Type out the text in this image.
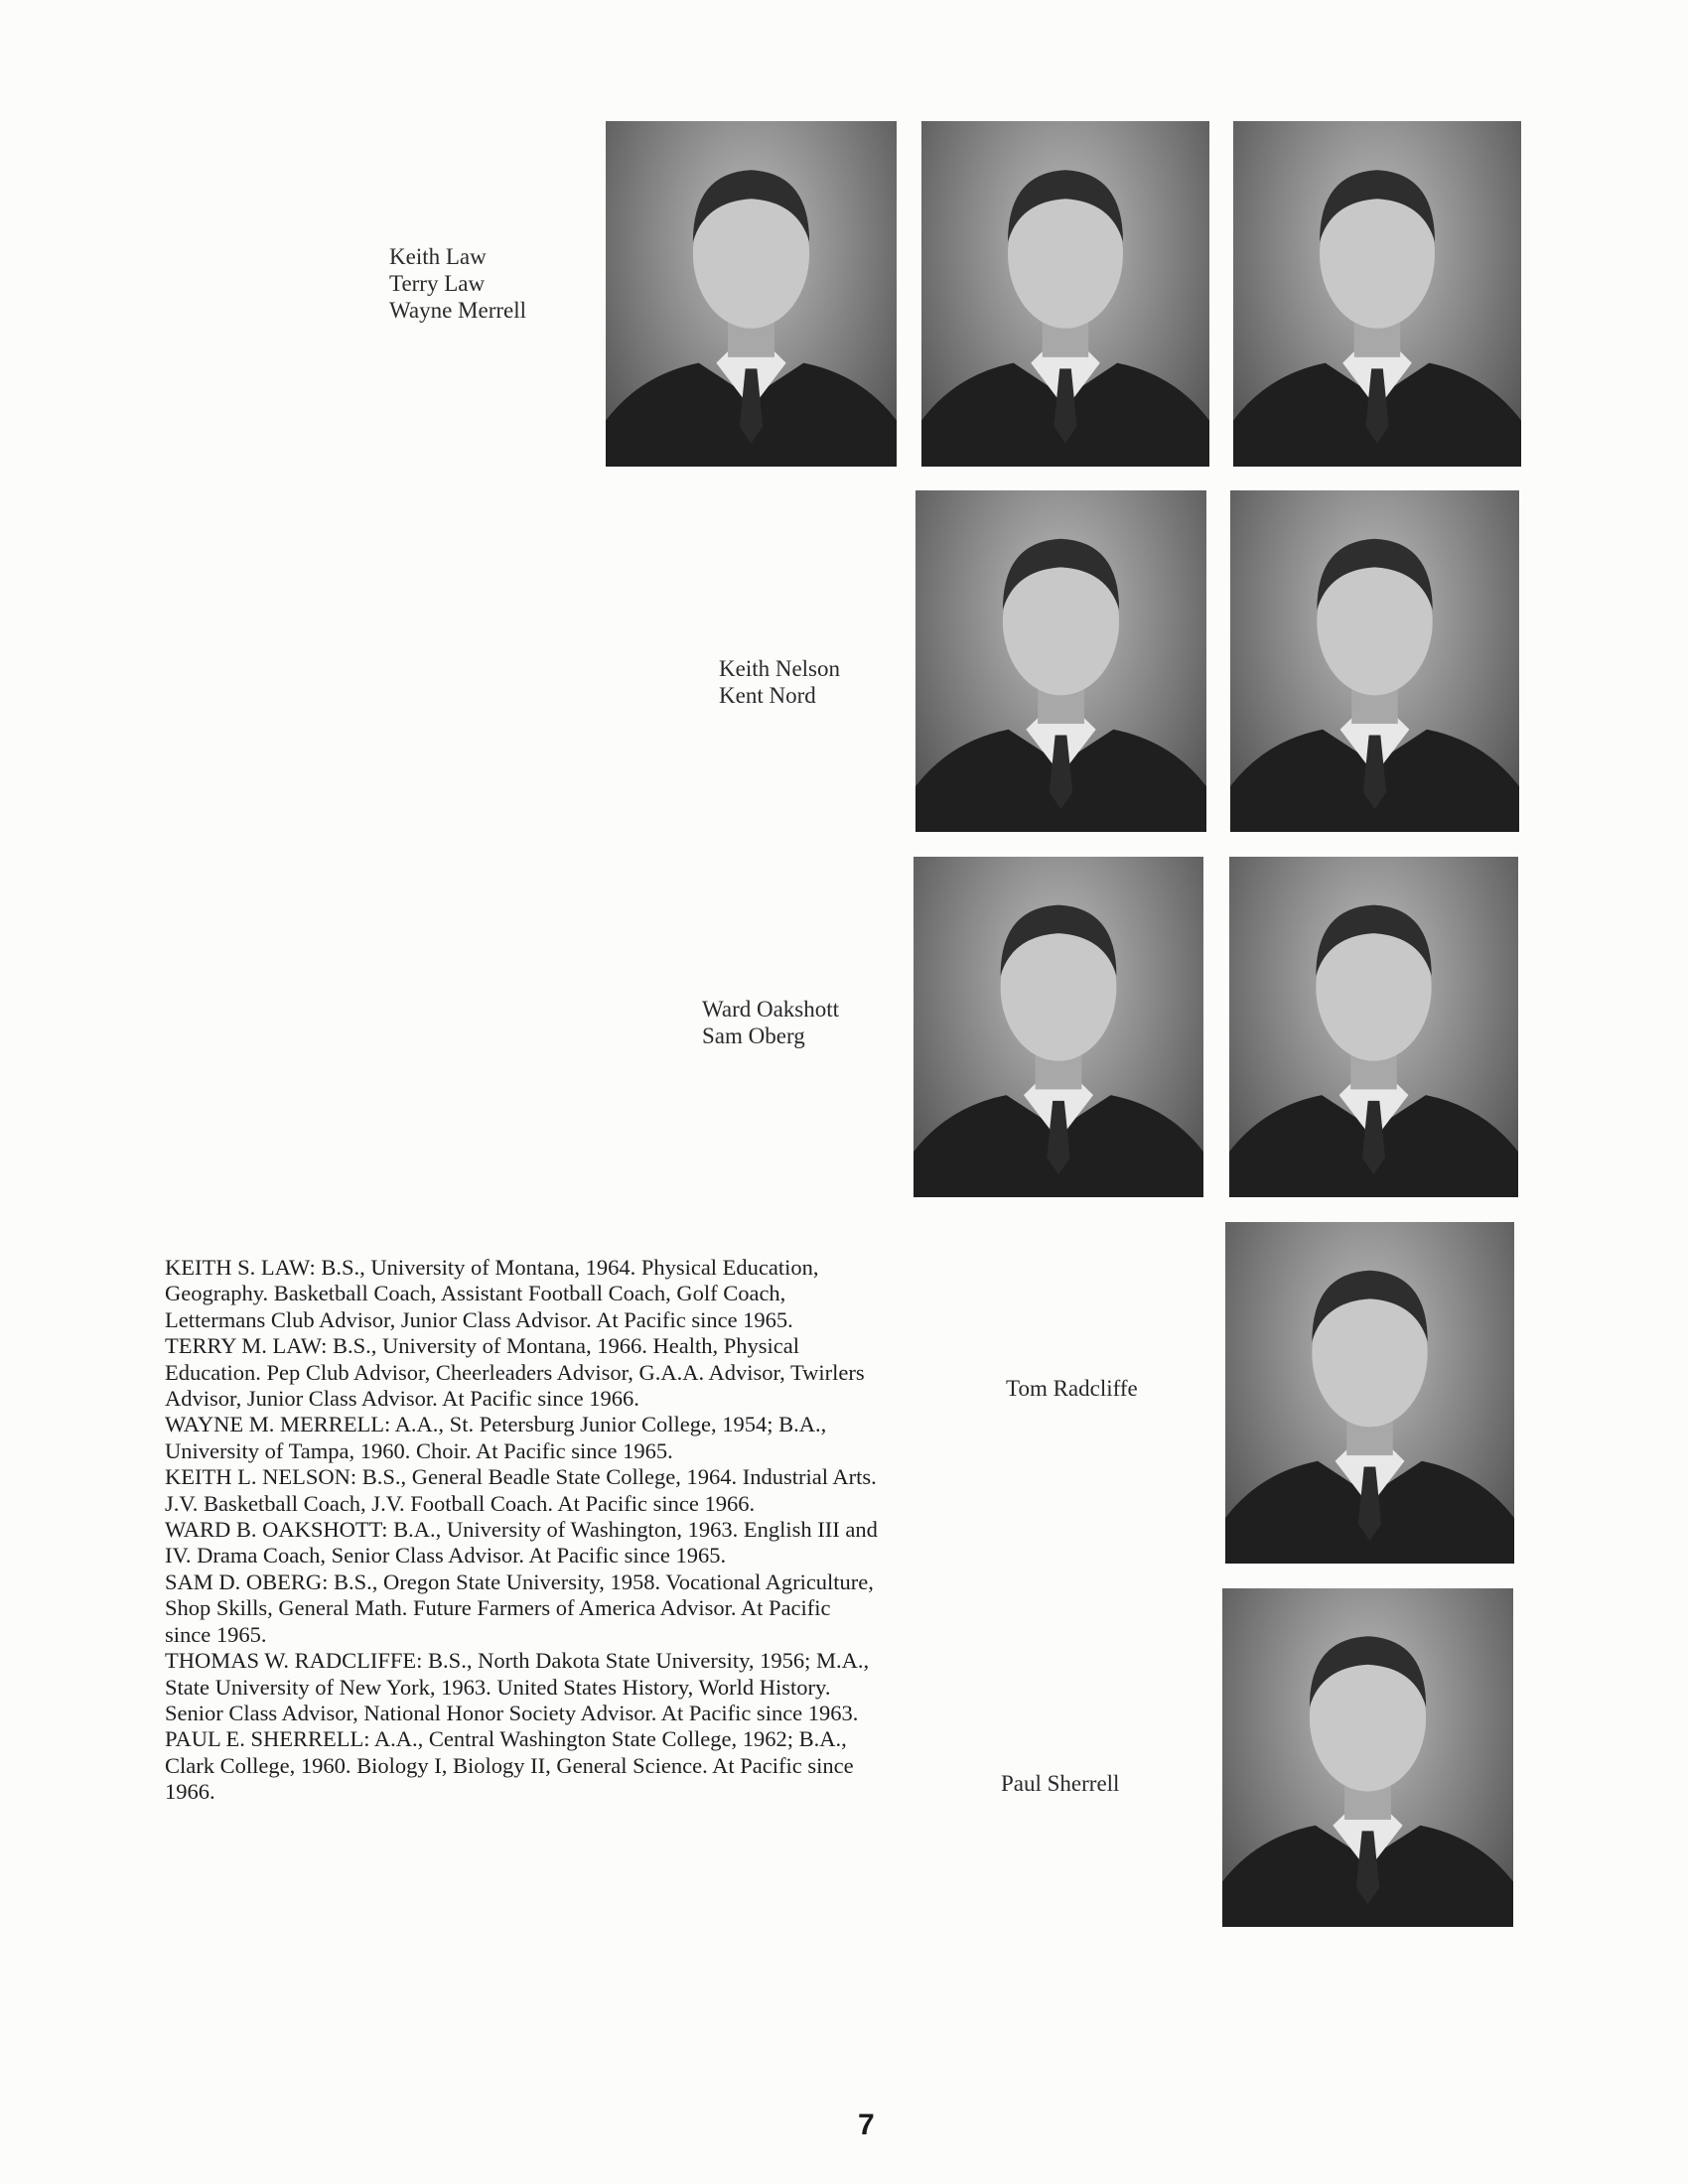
Keith Law
Terry Law
Wayne Merrell
Keith Nelson
Kent Nord
Ward Oakshott
Sam Oberg
Tom Radcliffe
Paul Sherrell

KEITH S. LAW: B.S., University of Montana, 1964. Physical Education, Geography. Basketball Coach, Assistant Football Coach, Golf Coach, Lettermans Club Advisor, Junior Class Advisor. At Pacific since 1965.

TERRY M. LAW: B.S., University of Montana, 1966. Health, Physical Education. Pep Club Advisor, Cheerleaders Advisor, G.A.A. Advisor, Twirlers Advisor, Junior Class Advisor. At Pacific since 1966.

WAYNE M. MERRELL: A.A., St. Petersburg Junior College, 1954; B.A., University of Tampa, 1960. Choir. At Pacific since 1965.

KEITH L. NELSON: B.S., General Beadle State College, 1964. Industrial Arts. J.V. Basketball Coach, J.V. Football Coach. At Pacific since 1966.

WARD B. OAKSHOTT: B.A., University of Washington, 1963. English III and IV. Drama Coach, Senior Class Advisor. At Pacific since 1965.

SAM D. OBERG: B.S., Oregon State University, 1958. Vocational Agriculture, Shop Skills, General Math. Future Farmers of America Advisor. At Pacific since 1965.

THOMAS W. RADCLIFFE: B.S., North Dakota State University, 1956; M.A., State University of New York, 1963. United States History, World History. Senior Class Advisor, National Honor Society Advisor. At Pacific since 1963.

PAUL E. SHERRELL: A.A., Central Washington State College, 1962; B.A., Clark College, 1960. Biology I, Biology II, General Science. At Pacific since 1966.

7
